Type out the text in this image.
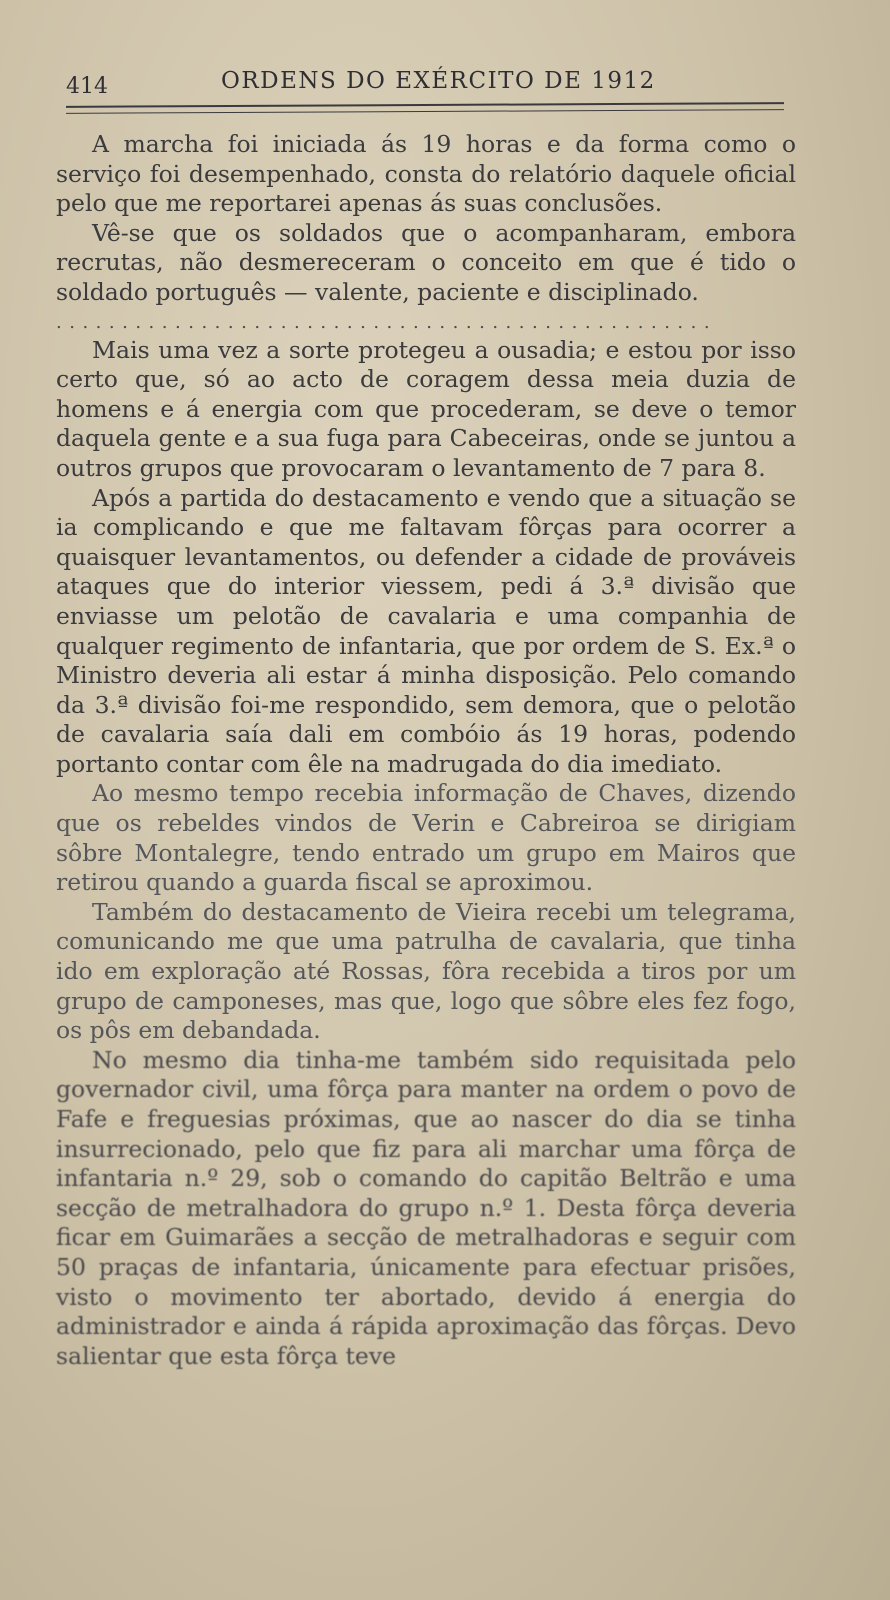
414	ORDENS DO EXÉRCITO DE 1912

A marcha foi iniciada ás 19 horas e da forma como o serviço foi desempenhado, consta do relatório daquele oficial pelo que me reportarei apenas ás suas conclusões.

Vê-se que os soldados que o acompanharam, embora recrutas, não desmereceram o conceito em que é tido o soldado português — valente, paciente e disciplinado.

..................................................

Mais uma vez a sorte protegeu a ousadia; e estou por isso certo que, só ao acto de coragem dessa meia duzia de homens e á energia com que procederam, se deve o temor daquela gente e a sua fuga para Cabeceiras, onde se juntou a outros grupos que provocaram o levantamento de 7 para 8.

Após a partida do destacamento e vendo que a situação se ia complicando e que me faltavam fôrças para ocorrer a quaisquer levantamentos, ou defender a cidade de prováveis ataques que do interior viessem, pedi á 3.ª divisão que enviasse um pelotão de cavalaria e uma companhia de qualquer regimento de infantaria, que por ordem de S. Ex.ª o Ministro deveria ali estar á minha disposição. Pelo comando da 3.ª divisão foi-me respondido, sem demora, que o pelotão de cavalaria saía dali em combóio ás 19 horas, podendo portanto contar com êle na madrugada do dia imediato.

Ao mesmo tempo recebia informação de Chaves, dizendo que os rebeldes vindos de Verin e Cabreiroa se dirigiam sôbre Montalegre, tendo entrado um grupo em Mairos que retirou quando a guarda fiscal se aproximou.

Também do destacamento de Vieira recebi um telegrama, comunicando me que uma patrulha de cavalaria, que tinha ido em exploração até Rossas, fôra recebida a tiros por um grupo de camponeses, mas que, logo que sôbre eles fez fogo, os pôs em debandada.

No mesmo dia tinha-me também sido requisitada pelo governador civil, uma fôrça para manter na ordem o povo de Fafe e freguesias próximas, que ao nascer do dia se tinha insurrecionado, pelo que fiz para ali marchar uma fôrça de infantaria n.º 29, sob o comando do capitão Beltrão e uma secção de metralhadora do grupo n.º 1. Desta fôrça deveria ficar em Guimarães a secção de metralhadoras e seguir com 50 praças de infantaria, únicamente para efectuar prisões, visto o movimento ter abortado, devido á energia do administrador e ainda á rápida aproximação das fôrças. Devo salientar que esta fôrça teve
